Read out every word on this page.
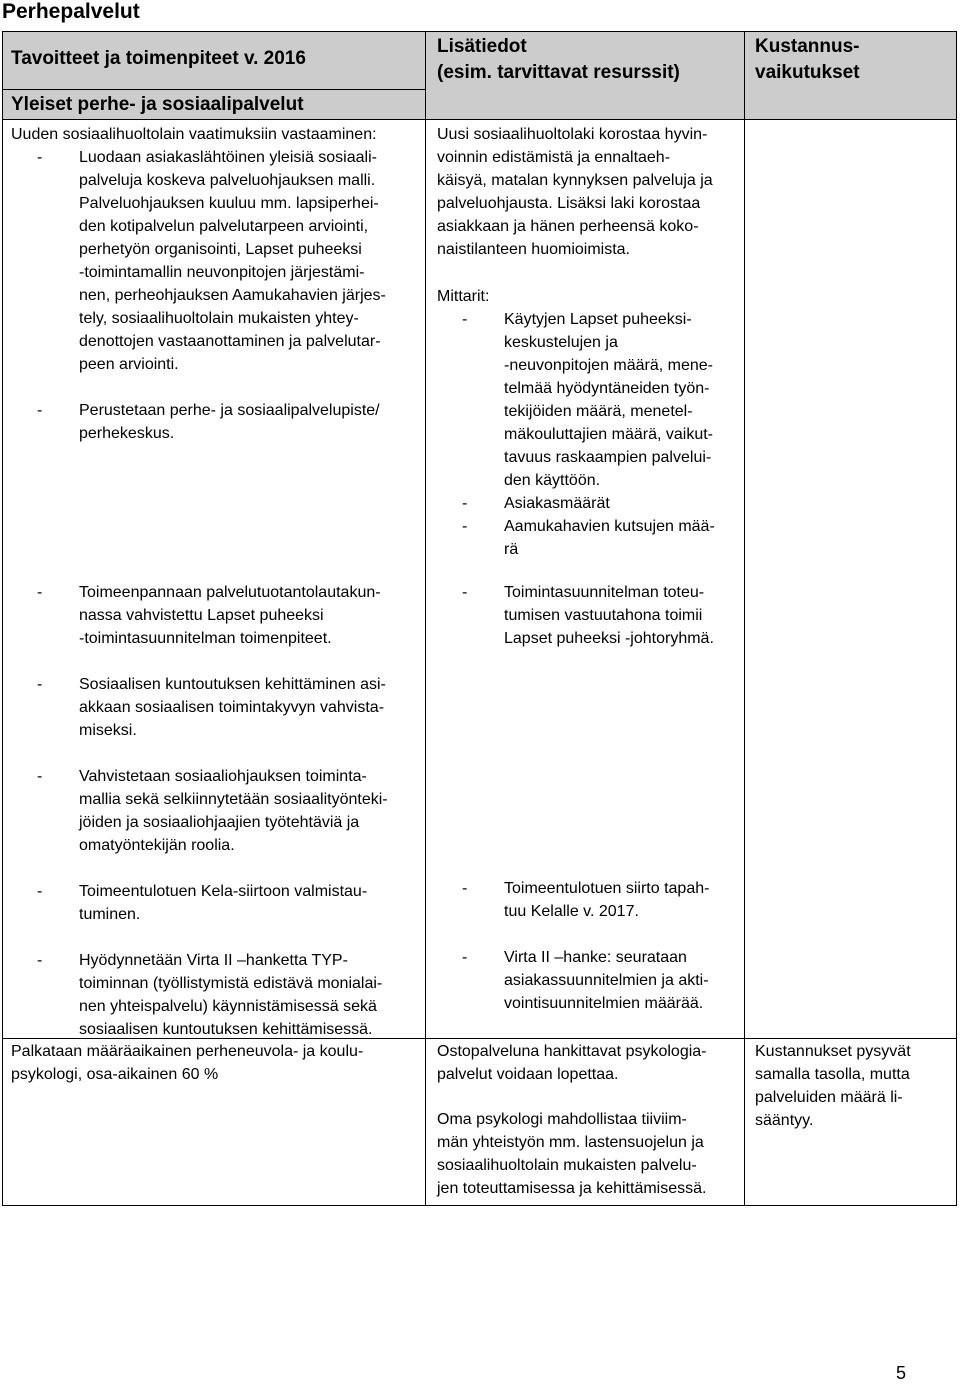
Perhepalvelut
Tavoitteet ja toimenpiteet v. 2016
Yleiset perhe- ja sosiaalipalvelut
Lisätiedot
(esim. tarvittavat resurssit)
Kustannus-
vaikutukset

Uuden sosiaalihuoltolain vaatimuksiin vastaaminen:

- Luodaan asiakaslähtöinen yleisiä sosiaali-
palveluja koskeva palveluohjauksen malli.
Palveluohjauksen kuuluu mm. lapsiperhei-
den kotipalvelun palvelutarpeen arviointi,
perhetyön organisointi, Lapset puheeksi
-toimintamallin neuvonpitojen järjestämi-
nen, perheohjauksen Aamukahavien järjes-
tely, sosiaalihuoltolain mukaisten yhtey-
denottojen vastaanottaminen ja palvelutar-
peen arviointi.
- Perustetaan perhe- ja sosiaalipalvelupiste/
perhekeskus.
- Toimeenpannaan palvelutuotantolautakun-
nassa vahvistettu Lapset puheeksi
-toimintasuunnitelman toimenpiteet.
- Sosiaalisen kuntoutuksen kehittäminen asi-
akkaan sosiaalisen toimintakyvyn vahvista-
miseksi.
- Vahvistetaan sosiaaliohjauksen toiminta-
mallia sekä selkiinnytetään sosiaalityönteki-
jöiden ja sosiaaliohjaajien työtehtäviä ja
omatyöntekijän roolia.
- Toimeentulotuen Kela-siirtoon valmistau-
tuminen.
- Hyödynnetään Virta II –hanketta TYP-
toiminnan (työllistymistä edistävä monialai-
nen yhteispalvelu) käynnistämisessä sekä
sosiaalisen kuntoutuksen kehittämisessä.

Palkataan määräaikainen perheneuvola- ja koulu-
psykologi, osa-aikainen 60 %

Uusi sosiaalihuoltolaki korostaa hyvin-
voinnin edistämistä ja ennaltaeh-
käisyä, matalan kynnyksen palveluja ja
palveluohjausta. Lisäksi laki korostaa
asiakkaan ja hänen perheensä koko-
naistilanteen huomioimista.

Mittarit:

- Käytyjen Lapset puheeksi-
keskustelujen ja
-neuvonpitojen määrä, mene-
telmää hyödyntäneiden työn-
tekijöiden määrä, menetel-
mäkouluttajien määrä, vaikut-
tavuus raskaampien palvelui-
den käyttöön.
- Asiakasmäärät
- Aamukahavien kutsujen mää-
rä
- Toimintasuunnitelman toteu-
tumisen vastuutahona toimii
Lapset puheeksi -johtoryhmä.
- Toimeentulotuen siirto tapah-
tuu Kelalle v. 2017.
- Virta II –hanke: seurataan
asiakassuunnitelmien ja akti-
vointisuunnitelmien määrää.

Ostopalveluna hankittavat psykologia-
palvelut voidaan lopettaa.

Oma psykologi mahdollistaa tiiviim-
män yhteistyön mm. lastensuojelun ja
sosiaalihuoltolain mukaisten palvelu-
jen toteuttamisessa ja kehittämisessä.

Kustannukset pysyvät
samalla tasolla, mutta
palveluiden määrä li-
sääntyy.

5
